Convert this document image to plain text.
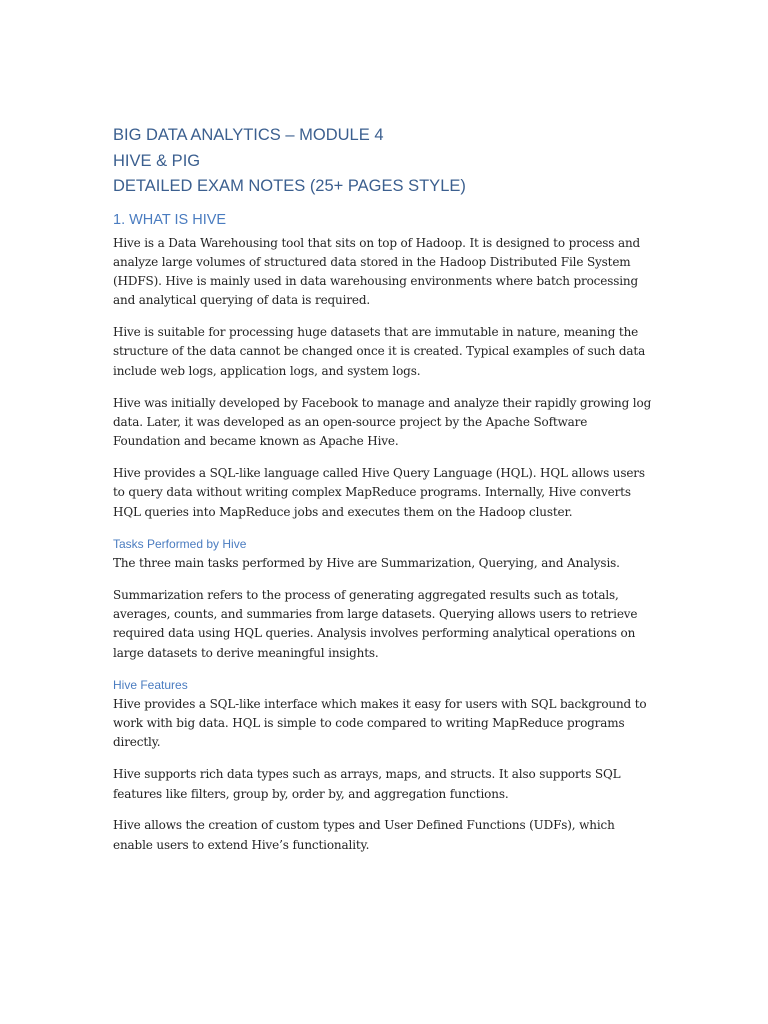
BIG DATA ANALYTICS – MODULE 4
HIVE & PIG
DETAILED EXAM NOTES (25+ PAGES STYLE)
1. WHAT IS HIVE

Hive is a Data Warehousing tool that sits on top of Hadoop. It is designed to process and analyze large volumes of structured data stored in the Hadoop Distributed File System (HDFS). Hive is mainly used in data warehousing environments where batch processing and analytical querying of data is required.

Hive is suitable for processing huge datasets that are immutable in nature, meaning the structure of the data cannot be changed once it is created. Typical examples of such data include web logs, application logs, and system logs.

Hive was initially developed by Facebook to manage and analyze their rapidly growing log data. Later, it was developed as an open-source project by the Apache Software Foundation and became known as Apache Hive.

Hive provides a SQL-like language called Hive Query Language (HQL). HQL allows users to query data without writing complex MapReduce programs. Internally, Hive converts HQL queries into MapReduce jobs and executes them on the Hadoop cluster.

Tasks Performed by Hive

The three main tasks performed by Hive are Summarization, Querying, and Analysis.

Summarization refers to the process of generating aggregated results such as totals, averages, counts, and summaries from large datasets. Querying allows users to retrieve required data using HQL queries. Analysis involves performing analytical operations on large datasets to derive meaningful insights.

Hive Features

Hive provides a SQL-like interface which makes it easy for users with SQL background to work with big data. HQL is simple to code compared to writing MapReduce programs directly.

Hive supports rich data types such as arrays, maps, and structs. It also supports SQL features like filters, group by, order by, and aggregation functions.

Hive allows the creation of custom types and User Defined Functions (UDFs), which enable users to extend Hive’s functionality.
